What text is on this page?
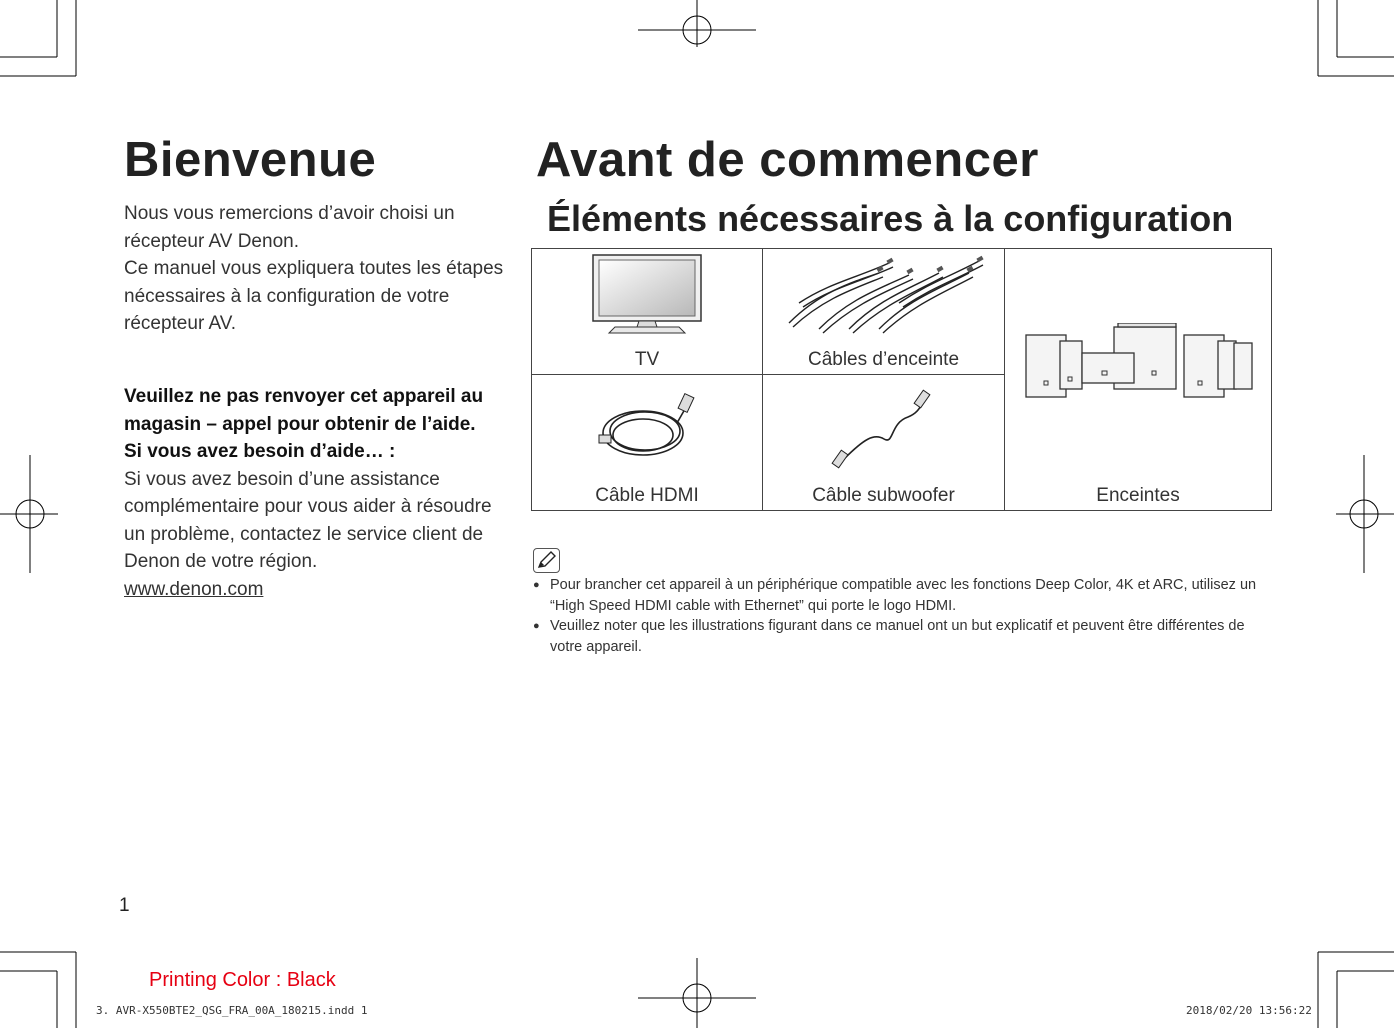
Bienvenue
Nous vous remercions d’avoir choisi un récepteur AV Denon.
Ce manuel vous expliquera toutes les étapes nécessaires à la configuration de votre récepteur AV.
Veuillez ne pas renvoyer cet appareil au magasin – appel pour obtenir de l’aide.
Si vous avez besoin d’aide… :
Si vous avez besoin d’une assistance complémentaire pour vous aider à résoudre un problème, contactez le service client de Denon de votre région.
www.denon.com
Avant de commencer
Éléments nécessaires à la configuration
TV	Câbles d’enceinte	Enceintes

Câble HDMI	Câble subwoofer	
● Pour brancher cet appareil à un périphérique compatible avec les fonctions Deep Color, 4K et ARC, utilisez un “High Speed HDMI cable with Ethernet” qui porte le logo HDMI.
● Veuillez noter que les illustrations figurant dans ce manuel ont un but explicatif et peuvent être différentes de votre appareil.
1
Printing Color : Black
3. AVR-X550BTE2_QSG_FRA_00A_180215.indd 1	2018/02/20 13:56:22
